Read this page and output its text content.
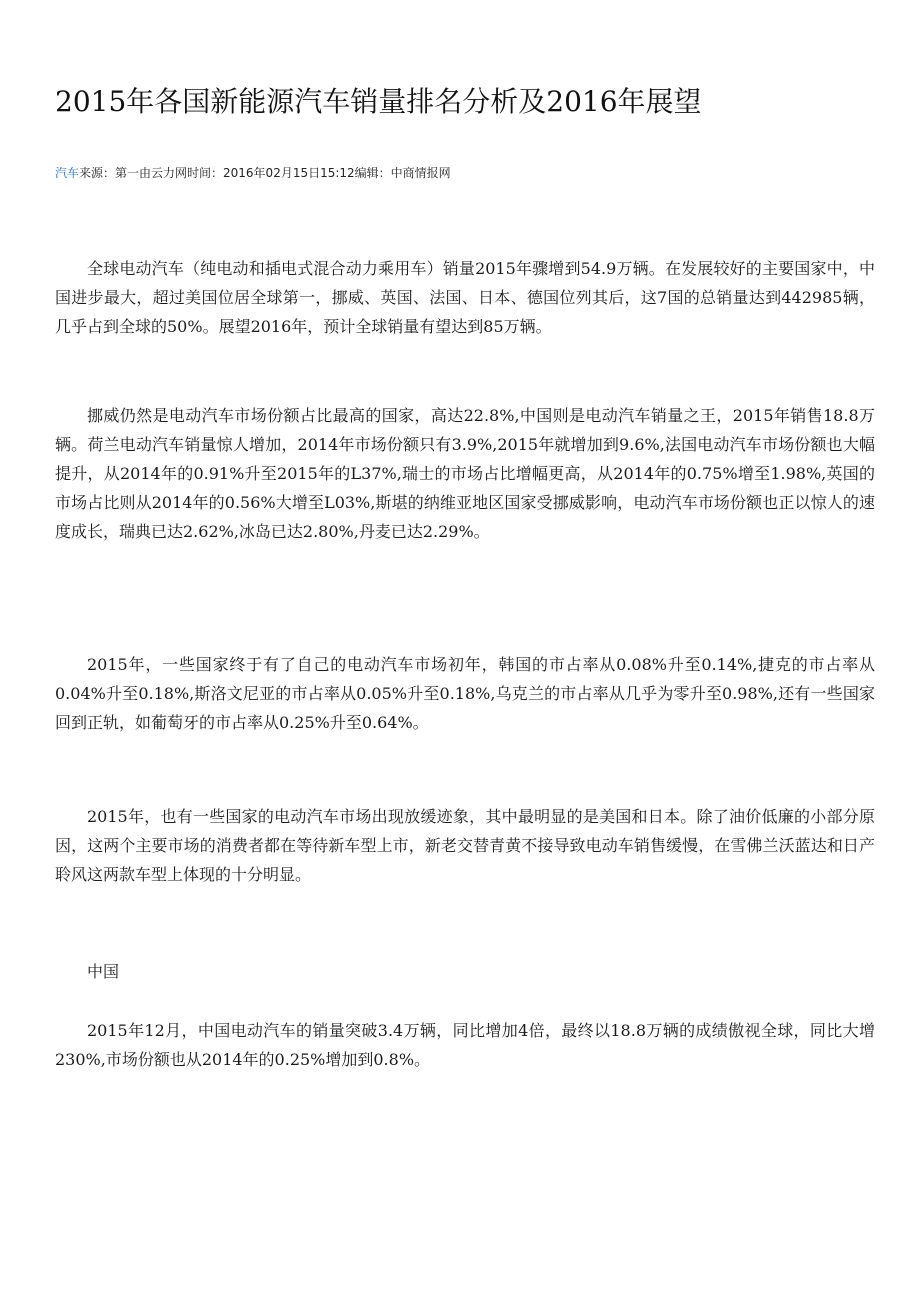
2015年各国新能源汽车销量排名分析及2016年展望
汽车来源：第一由云力网时间：2016年02月15日15:12编辑：中商情报网

全球电动汽车（纯电动和插电式混合动力乘用车）销量2015年骤增到54.9万辆。在发展较好的主要国家中，中国进步最大，超过美国位居全球第一，挪威、英国、法国、日本、德国位列其后，这7国的总销量达到442985辆，几乎占到全球的50%。展望2016年，预计全球销量有望达到85万辆。

挪威仍然是电动汽车市场份额占比最高的国家，高达22.8%,中国则是电动汽车销量之王，2015年销售18.8万辆。荷兰电动汽车销量惊人增加，2014年市场份额只有3.9%,2015年就增加到9.6%,法国电动汽车市场份额也大幅提升，从2014年的0.91%升至2015年的L37%,瑞士的市场占比增幅更高，从2014年的0.75%增至1.98%,英国的市场占比则从2014年的0.56%大增至L03%,斯堪的纳维亚地区国家受挪威影响，电动汽车市场份额也正以惊人的速度成长，瑞典已达2.62%,冰岛已达2.80%,丹麦已达2.29%。

2015年，一些国家终于有了自己的电动汽车市场初年，韩国的市占率从0.08%升至0.14%,捷克的市占率从0.04%升至0.18%,斯洛文尼亚的市占率从0.05%升至0.18%,乌克兰的市占率从几乎为零升至0.98%,还有一些国家回到正轨，如葡萄牙的市占率从0.25%升至0.64%。

2015年，也有一些国家的电动汽车市场出现放缓迹象，其中最明显的是美国和日本。除了油价低廉的小部分原因，这两个主要市场的消费者都在等待新车型上市，新老交替青黄不接导致电动车销售缓慢，在雪佛兰沃蓝达和日产聆风这两款车型上体现的十分明显。

中国

2015年12月，中国电动汽车的销量突破3.4万辆，同比增加4倍，最终以18.8万辆的成绩傲视全球，同比大增230%,市场份额也从2014年的0.25%增加到0.8%。
